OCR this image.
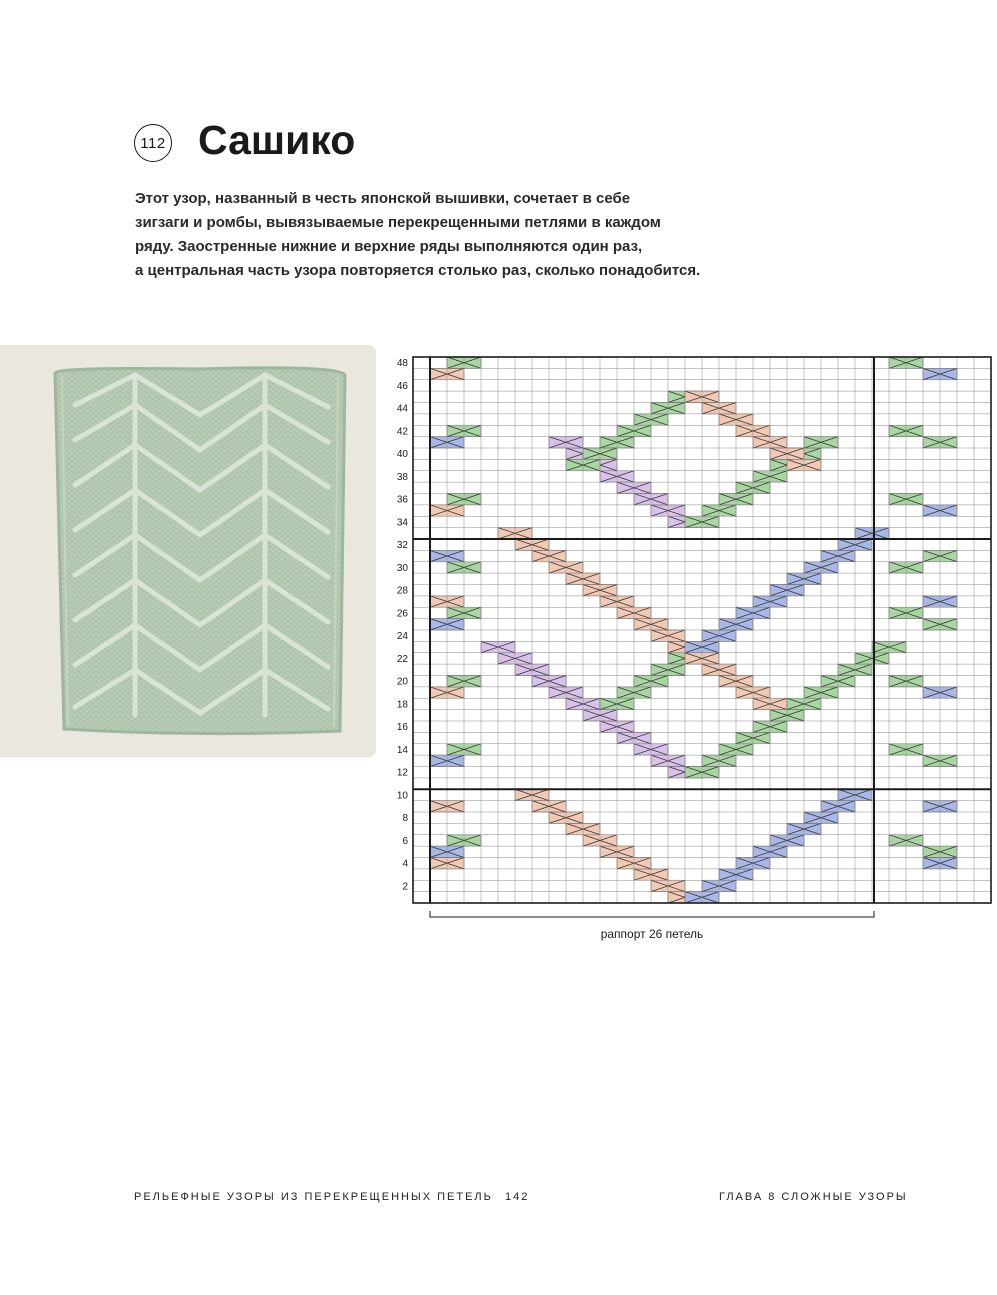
112 Сашико
Этот узор, названный в честь японской вышивки, сочетает в себе
зигзаги и ромбы, вывязываемые перекрещенными петлями в каждом
ряду. Заостренные нижние и верхние ряды выполняются один раз,
а центральная часть узора повторяется столько раз, сколько понадобится.
2
4
6
8
10
12
14
16
18
20
22
24
26
28
30
32
34
36
38
40
42
44
46
48
раппорт 26 петель
РЕЛЬЕФНЫЕ УЗОРЫ ИЗ ПЕРЕКРЕЩЕННЫХ ПЕТЕЛЬ 142	ГЛАВА 8 СЛОЖНЫЕ УЗОРЫ
